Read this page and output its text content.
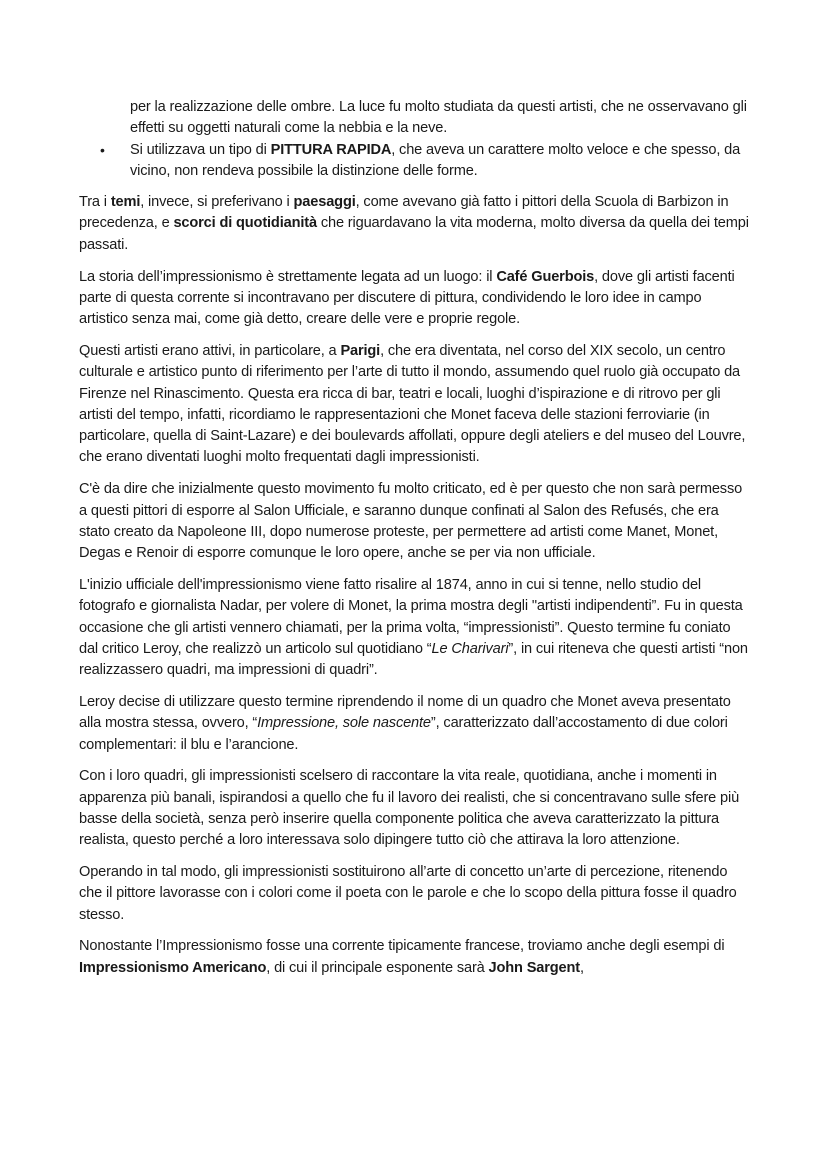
per la realizzazione delle ombre. La luce fu molto studiata da questi artisti, che ne osservavano gli effetti su oggetti naturali come la nebbia e la neve.
• Si utilizzava un tipo di PITTURA RAPIDA, che aveva un carattere molto veloce e che spesso, da vicino, non rendeva possibile la distinzione delle forme.

Tra i temi, invece, si preferivano i paesaggi, come avevano già fatto i pittori della Scuola di Barbizon in precedenza, e scorci di quotidianità che riguardavano la vita moderna, molto diversa da quella dei tempi passati.

La storia dell’impressionismo è strettamente legata ad un luogo: il Café Guerbois, dove gli artisti facenti parte di questa corrente si incontravano per discutere di pittura, condividendo le loro idee in campo artistico senza mai, come già detto, creare delle vere e proprie regole.

Questi artisti erano attivi, in particolare, a Parigi, che era diventata, nel corso del XIX secolo, un centro culturale e artistico punto di riferimento per l’arte di tutto il mondo, assumendo quel ruolo già occupato da Firenze nel Rinascimento. Questa era ricca di bar, teatri e locali, luoghi d’ispirazione e di ritrovo per gli artisti del tempo, infatti, ricordiamo le rappresentazioni che Monet faceva delle stazioni ferroviarie (in particolare, quella di Saint-Lazare) e dei boulevards affollati, oppure degli ateliers e del museo del Louvre, che erano diventati luoghi molto frequentati dagli impressionisti.

C'è da dire che inizialmente questo movimento fu molto criticato, ed è per questo che non sarà permesso a questi pittori di esporre al Salon Ufficiale, e saranno dunque confinati al Salon des Refusés, che era stato creato da Napoleone III, dopo numerose proteste, per permettere ad artisti come Manet, Monet, Degas e Renoir di esporre comunque le loro opere, anche se per via non ufficiale.

L'inizio ufficiale dell'impressionismo viene fatto risalire al 1874, anno in cui si tenne, nello studio del fotografo e giornalista Nadar, per volere di Monet, la prima mostra degli "artisti indipendenti”. Fu in questa occasione che gli artisti vennero chiamati, per la prima volta, “impressionisti”. Questo termine fu coniato dal critico Leroy, che realizzò un articolo sul quotidiano “Le Charivari”, in cui riteneva che questi artisti “non realizzassero quadri, ma impressioni di quadri”.

Leroy decise di utilizzare questo termine riprendendo il nome di un quadro che Monet aveva presentato alla mostra stessa, ovvero, “Impressione, sole nascente”, caratterizzato dall’accostamento di due colori complementari: il blu e l’arancione.

Con i loro quadri, gli impressionisti scelsero di raccontare la vita reale, quotidiana, anche i momenti in apparenza più banali, ispirandosi a quello che fu il lavoro dei realisti, che si concentravano sulle sfere più basse della società, senza però inserire quella componente politica che aveva caratterizzato la pittura realista, questo perché a loro interessava solo dipingere tutto ciò che attirava la loro attenzione.

Operando in tal modo, gli impressionisti sostituirono all’arte di concetto un’arte di percezione, ritenendo che il pittore lavorasse con i colori come il poeta con le parole e che lo scopo della pittura fosse il quadro stesso.

Nonostante l’Impressionismo fosse una corrente tipicamente francese, troviamo anche degli esempi di Impressionismo Americano, di cui il principale esponente sarà John Sargent,
